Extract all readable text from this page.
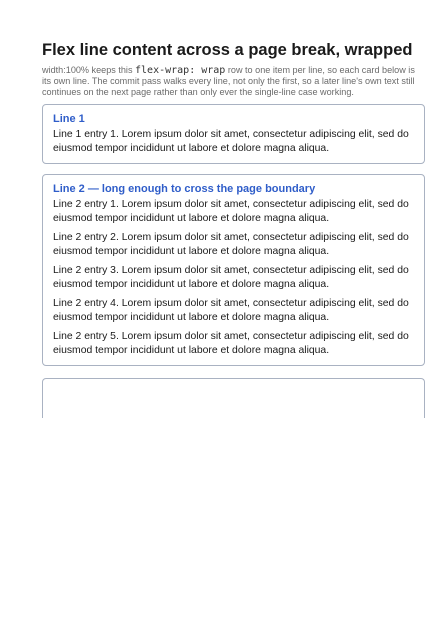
Flex line content across a page break, wrapped

width:100% keeps this flex-wrap: wrap row to one item per line, so each card below is its own line. The commit pass walks every line, not only the first, so a later line's own text still continues on the next page rather than only ever the single-line case working.

Line 1

Line 1 entry 1. Lorem ipsum dolor sit amet, consectetur adipiscing elit, sed do eiusmod tempor incididunt ut labore et dolore magna aliqua.

Line 2 — long enough to cross the page boundary

Line 2 entry 1. Lorem ipsum dolor sit amet, consectetur adipiscing elit, sed do eiusmod tempor incididunt ut labore et dolore magna aliqua.

Line 2 entry 2. Lorem ipsum dolor sit amet, consectetur adipiscing elit, sed do eiusmod tempor incididunt ut labore et dolore magna aliqua.

Line 2 entry 3. Lorem ipsum dolor sit amet, consectetur adipiscing elit, sed do eiusmod tempor incididunt ut labore et dolore magna aliqua.

Line 2 entry 4. Lorem ipsum dolor sit amet, consectetur adipiscing elit, sed do eiusmod tempor incididunt ut labore et dolore magna aliqua.

Line 2 entry 5. Lorem ipsum dolor sit amet, consectetur adipiscing elit, sed do eiusmod tempor incididunt ut labore et dolore magna aliqua.
